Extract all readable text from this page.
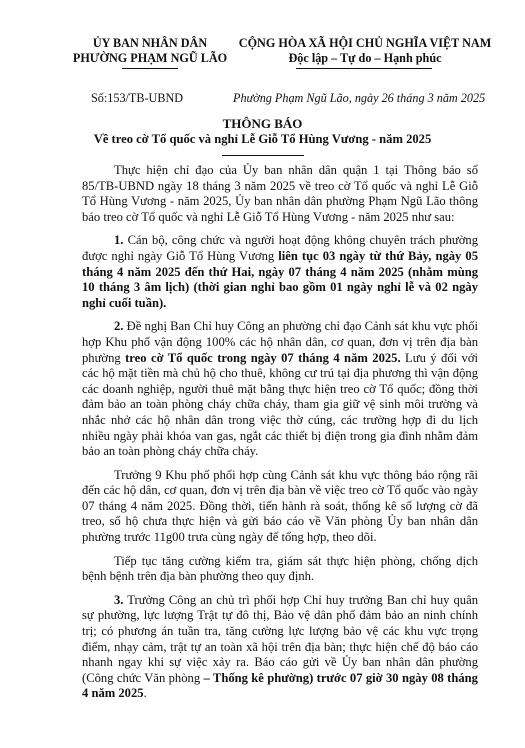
ỦY BAN NHÂN DÂN
PHƯỜNG PHẠM NGŨ LÃO
CỘNG HÒA XÃ HỘI CHỦ NGHĨA VIỆT NAM
Độc lập – Tự do – Hạnh phúc
Số:153/TB-UBND	Phường Phạm Ngũ Lão, ngày 26 tháng 3 năm 2025
THÔNG BÁO
Về treo cờ Tổ quốc và nghỉ Lễ Giỗ Tổ Hùng Vương - năm 2025

Thực hiện chỉ đạo của Ủy ban nhân dân quận 1 tại Thông báo số 85/TB-UBND ngày 18 tháng 3 năm 2025 về treo cờ Tổ quốc và nghỉ Lễ Giỗ Tổ Hùng Vương - năm 2025, Ủy ban nhân dân phường Phạm Ngũ Lão thông báo treo cờ Tổ quốc và nghỉ Lễ Giỗ Tổ Hùng Vương - năm 2025 như sau:

1. Cán bộ, công chức và người hoạt động không chuyên trách phường được nghỉ ngày Giỗ Tổ Hùng Vương liên tục 03 ngày từ thứ Bảy, ngày 05 tháng 4 năm 2025 đến thứ Hai, ngày 07 tháng 4 năm 2025 (nhằm mùng 10 tháng 3 âm lịch) (thời gian nghỉ bao gồm 01 ngày nghỉ lễ và 02 ngày nghỉ cuối tuần).

2. Đề nghị Ban Chỉ huy Công an phường chỉ đạo Cảnh sát khu vực phối hợp Khu phố vận động 100% các hộ nhân dân, cơ quan, đơn vị trên địa bàn phường treo cờ Tổ quốc trong ngày 07 tháng 4 năm 2025. Lưu ý đối với các hộ mặt tiền mà chủ hộ cho thuê, không cư trú tại địa phương thì vận động các doanh nghiệp, người thuê mặt bằng thực hiện treo cờ Tổ quốc; đồng thời đảm bảo an toàn phòng cháy chữa cháy, tham gia giữ vệ sinh môi trường và nhắc nhở các hộ nhân dân trong việc thờ cúng, các trường hợp đi du lịch nhiều ngày phải khóa van gas, ngắt các thiết bị điện trong gia đình nhằm đảm bảo an toàn phòng cháy chữa cháy.

Trưởng 9 Khu phố phối hợp cùng Cảnh sát khu vực thông báo rộng rãi đến các hộ dân, cơ quan, đơn vị trên địa bàn về việc treo cờ Tổ quốc vào ngày 07 tháng 4 năm 2025. Đồng thời, tiến hành rà soát, thống kê số lượng cờ đã treo, số hộ chưa thực hiện và gửi báo cáo về Văn phòng Ủy ban nhân dân phường trước 11g00 trưa cùng ngày để tổng hợp, theo dõi.

Tiếp tục tăng cường kiểm tra, giám sát thực hiện phòng, chống dịch bệnh bệnh trên địa bàn phường theo quy định.

3. Trưởng Công an chủ trì phối hợp Chỉ huy trưởng Ban chỉ huy quân sự phường, lực lượng Trật tự đô thị, Bảo vệ dân phố đảm bảo an ninh chính trị; có phương án tuần tra, tăng cường lực lượng bảo vệ các khu vực trọng điểm, nhạy cảm, trật tự an toàn xã hội trên địa bàn; thực hiện chế độ báo cáo nhanh ngay khi sự việc xảy ra. Báo cáo gửi về Ủy ban nhân dân phường (Công chức Văn phòng – Thống kê phường) trước 07 giờ 30 ngày 08 tháng 4 năm 2025.
